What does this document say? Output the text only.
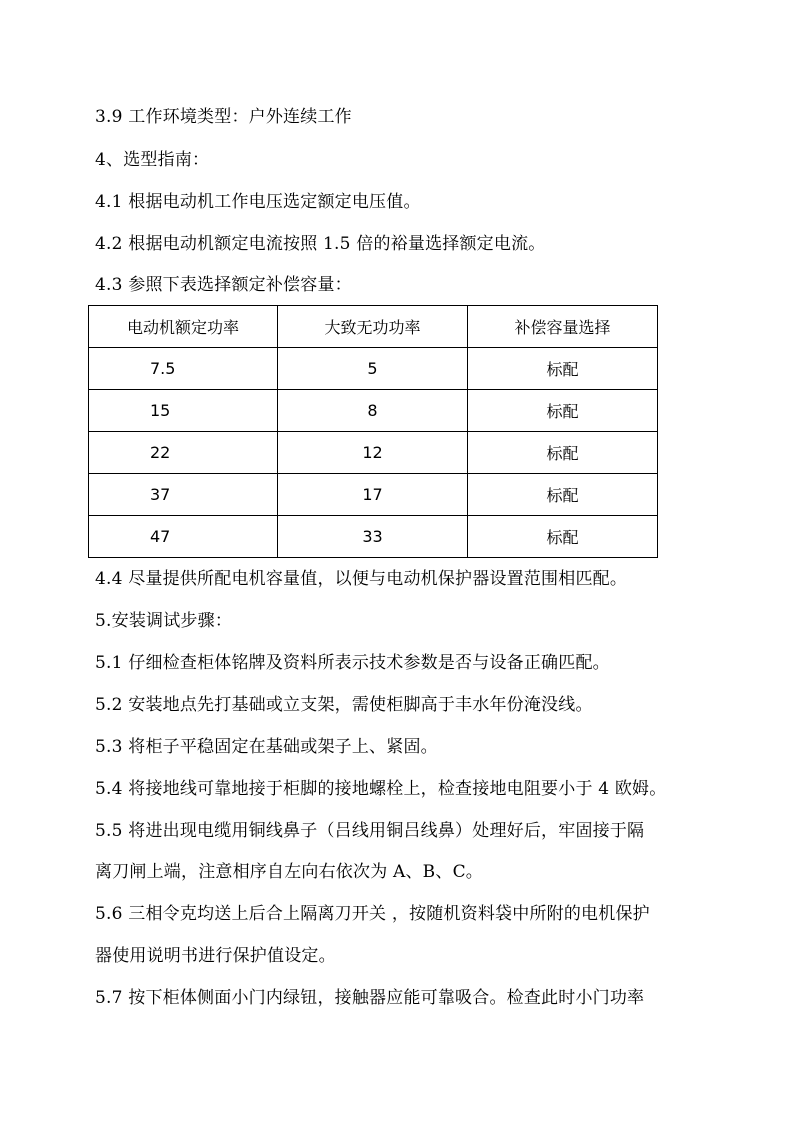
3.9 工作环境类型：户外连续工作
4、选型指南：
4.1 根据电动机工作电压选定额定电压值。
4.2 根据电动机额定电流按照 1.5 倍的裕量选择额定电流。
4.3 参照下表选择额定补偿容量：
电动机额定功率	大致无功功率	补偿容量选择
7.5	5	标配
15	8	标配
22	12	标配
37	17	标配
47	33	标配
4.4 尽量提供所配电机容量值，以便与电动机保护器设置范围相匹配。
5.安装调试步骤：
5.1 仔细检查柜体铭牌及资料所表示技术参数是否与设备正确匹配。
5.2 安装地点先打基础或立支架，需使柜脚高于丰水年份淹没线。
5.3 将柜子平稳固定在基础或架子上、紧固。
5.4 将接地线可靠地接于柜脚的接地螺栓上，检查接地电阻要小于 4 欧姆。
5.5 将进出现电缆用铜线鼻子（吕线用铜吕线鼻）处理好后，牢固接于隔
离刀闸上端，注意相序自左向右依次为 A、B、C。
5.6 三相令克均送上后合上隔离刀开关 ，按随机资料袋中所附的电机保护
器使用说明书进行保护值设定。
5.7 按下柜体侧面小门内绿钮，接触器应能可靠吸合。检查此时小门功率
